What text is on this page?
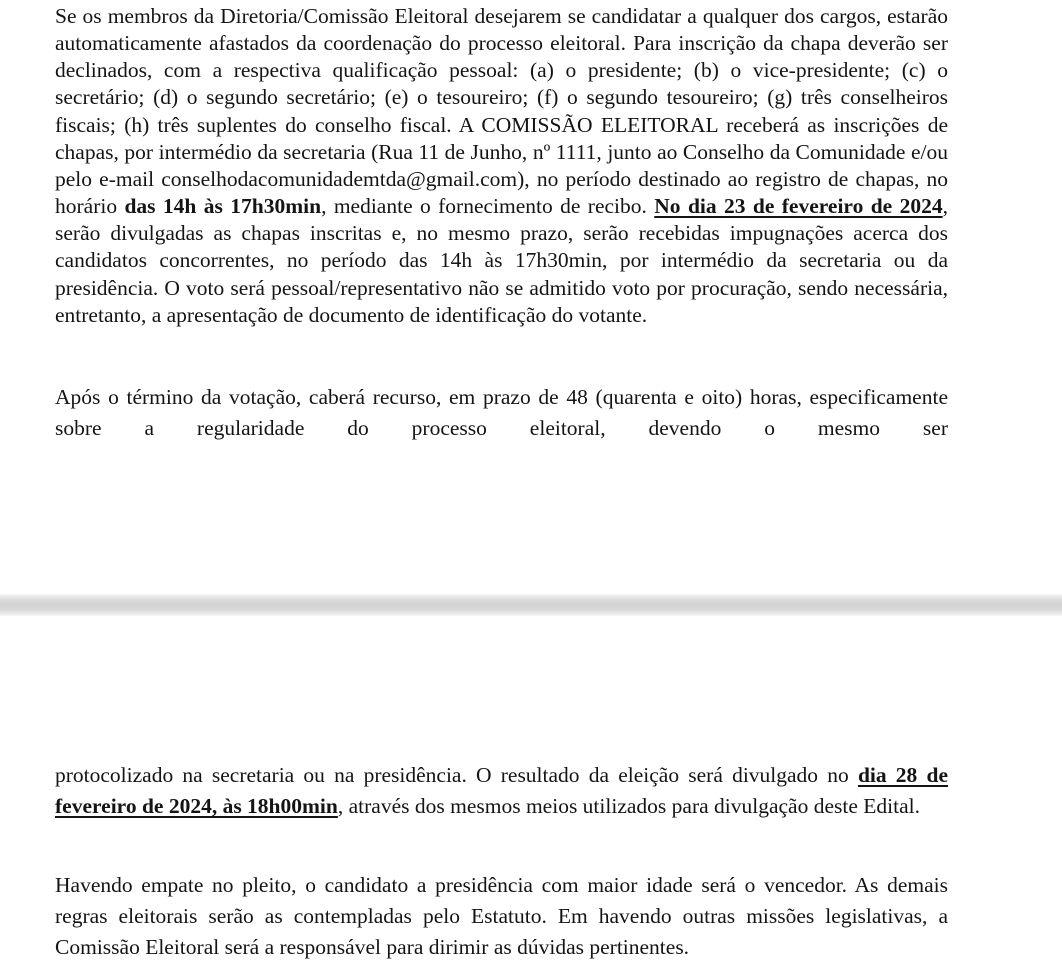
Se os membros da Diretoria/Comissão Eleitoral desejarem se candidatar a qualquer dos cargos, estarão automaticamente afastados da coordenação do processo eleitoral. Para inscrição da chapa deverão ser declinados, com a respectiva qualificação pessoal: (a) o presidente; (b) o vice-presidente; (c) o secretário; (d) o segundo secretário; (e) o tesoureiro; (f) o segundo tesoureiro; (g) três conselheiros fiscais; (h) três suplentes do conselho fiscal. A COMISSÃO ELEITORAL receberá as inscrições de chapas, por intermédio da secretaria (Rua 11 de Junho, nº 1111, junto ao Conselho da Comunidade e/ou pelo e-mail conselhodacomunidademtda@gmail.com), no período destinado ao registro de chapas, no horário das 14h às 17h30min, mediante o fornecimento de recibo. No dia 23 de fevereiro de 2024, serão divulgadas as chapas inscritas e, no mesmo prazo, serão recebidas impugnações acerca dos candidatos concorrentes, no período das 14h às 17h30min, por intermédio da secretaria ou da presidência. O voto será pessoal/representativo não se admitido voto por procuração, sendo necessária, entretanto, a apresentação de documento de identificação do votante.

Após o término da votação, caberá recurso, em prazo de 48 (quarenta e oito) horas, especificamente sobre a regularidade do processo eleitoral, devendo o mesmo ser

protocolizado na secretaria ou na presidência. O resultado da eleição será divulgado no dia 28 de fevereiro de 2024, às 18h00min, através dos mesmos meios utilizados para divulgação deste Edital.

Havendo empate no pleito, o candidato a presidência com maior idade será o vencedor. As demais regras eleitorais serão as contempladas pelo Estatuto. Em havendo outras missões legislativas, a Comissão Eleitoral será a responsável para dirimir as dúvidas pertinentes.
